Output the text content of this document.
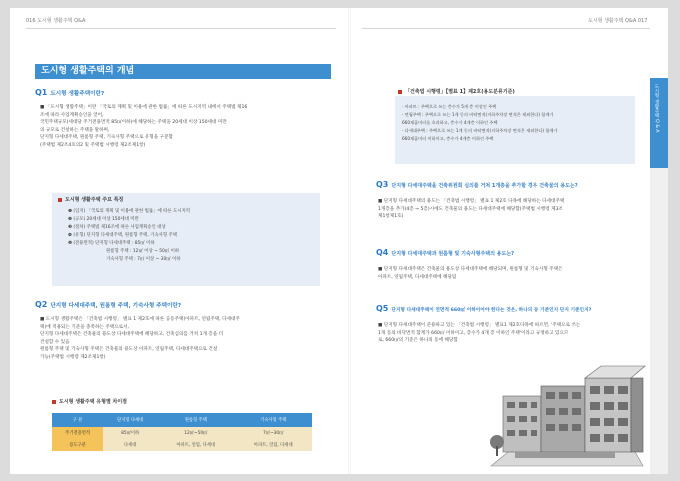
016 도시형 생활주택 Q&A	도시형 생활주택 Q&A 017
도시형 생활주택 Q & A
도시형 생활주택의 개념
Q1 도시형 생활주택이란?
■ 「도시형 생활주택」이란 「국토의 계획 및 이용에 관한 법률」에 따른 도시지역 내에서 주택법 제16
조에 따라 사업계획승인을 얻어,
국민주택규모(세대당 주거전용면적 85㎡이하)에 해당하는 주택을 20세대 이상 150세대 미만
의 규모로 건설하는 주택을 말하며,
단지형 다세대주택, 원룸형 주택, 기숙사형 주택으로 유형을 구분함
(주택법 제2조4호의2 및 주택법 시행령 제2조제1항)
도시형 생활주택 주요 특징
❶ (입지) 「국토의 계획 및 이용에 관한 법률」에 따른 도시지역
❷ (규모) 20세대 이상 150세대 미만
❸ (절차) 주택법 제16조에 따른 사업계획승인 대상
❹ (유형) 단지형 다세대주택, 원룸형 주택, 기숙사형 주택
❺ (전용면적) 단지형 다세대주택 : 85㎡ 이하
원룸형 주택 : 12㎡ 이상 ~ 50㎡ 이하
기숙사형 주택 : 7㎡ 이상 ~ 30㎡ 이하
Q2 단지형 다세대주택, 원룸형 주택, 기숙사형 주택이란?
■ 도시형 생활주택은 「건축법 시행령」 별표 1 제2호에 따른 공동주택(아파트, 연립주택, 다세대주
택)에 적용되는 기준을 충족하는 주택으로서,
단지형 다세대주택은 건축물의 용도상 다세대주택에 해당하고, 건축심의를 거쳐 1개 층을 더
건설할 수 있음
원룸형 주택 및 기숙사형 주택은 건축물의 용도상 아파트, 연립주택, 다세대주택으로 건설
가능(주택법 시행령 제2조제1항)
도시형 생활주택 유형별 차이점
구 분	단지형 다세대	원룸형 주택	기숙사형 주택
주거전용면적	85㎡이하	12㎡~50㎡	7㎡~30㎡
용도구분	다세대	아파트, 연립, 다세대	아파트, 연립, 다세대
「건축법 시행령」【별표 1】제2호(용도분류기준)
· 아파트 : 주택으로 쓰는 층수가 5개 층 이상인 주택
· 연립주택 : 주택으로 쓰는 1개 동의 바닥면적(지하주차장 면적은 제외한다) 합계가
660제곱미터를 초과하고, 층수가 4개층 이하인 주택
· 다세대주택 : 주택으로 쓰는 1개 동의 바닥면적(지하주차장 면적은 제외한다) 합계가
660제곱미터 이하이고, 층수가 4개층 이하인 주택
Q3 단지형 다세대주택을 건축위원회 심의를 거쳐 1개층을 추가할 경우 건축물의 용도는?
■ 단지형 다세대주택의 용도는 「건축법 시행령」 별표 1 제2호 다목에 해당하는 다세대주택
1개층을 추가(4층 → 5층)시에도 건축물의 용도는 다세대주택에 해당함(주택법 시행령 제3조
제1항제1호)
Q4 단지형 다세대주택과 원룸형 및 기숙사형주택의 용도는?
■ 단지형 다세대주택은 건축물의 용도상 다세대주택에 해당되며, 원룸형 및 기숙사형 주택은
아파트, 연립주택, 다세대주택에 해당됨
Q5 단지형 다세대주택이 연면적 660㎡ 이하이어야 한다는 것은, 하나의 동 기준인지 단지 기준인지?
■ 단지형 다세대주택이 준용하고 있는 「건축법 시행령」 별표1 제2호다목에 따르면, '주택으로 쓰는
1개 동의 바닥면적 합계가 660㎡ 이하이고, 층수가 4개 층 이하인 주택'이라고 규정하고 있으므
로, 660㎡의 기준은 하나의 동에 해당함
